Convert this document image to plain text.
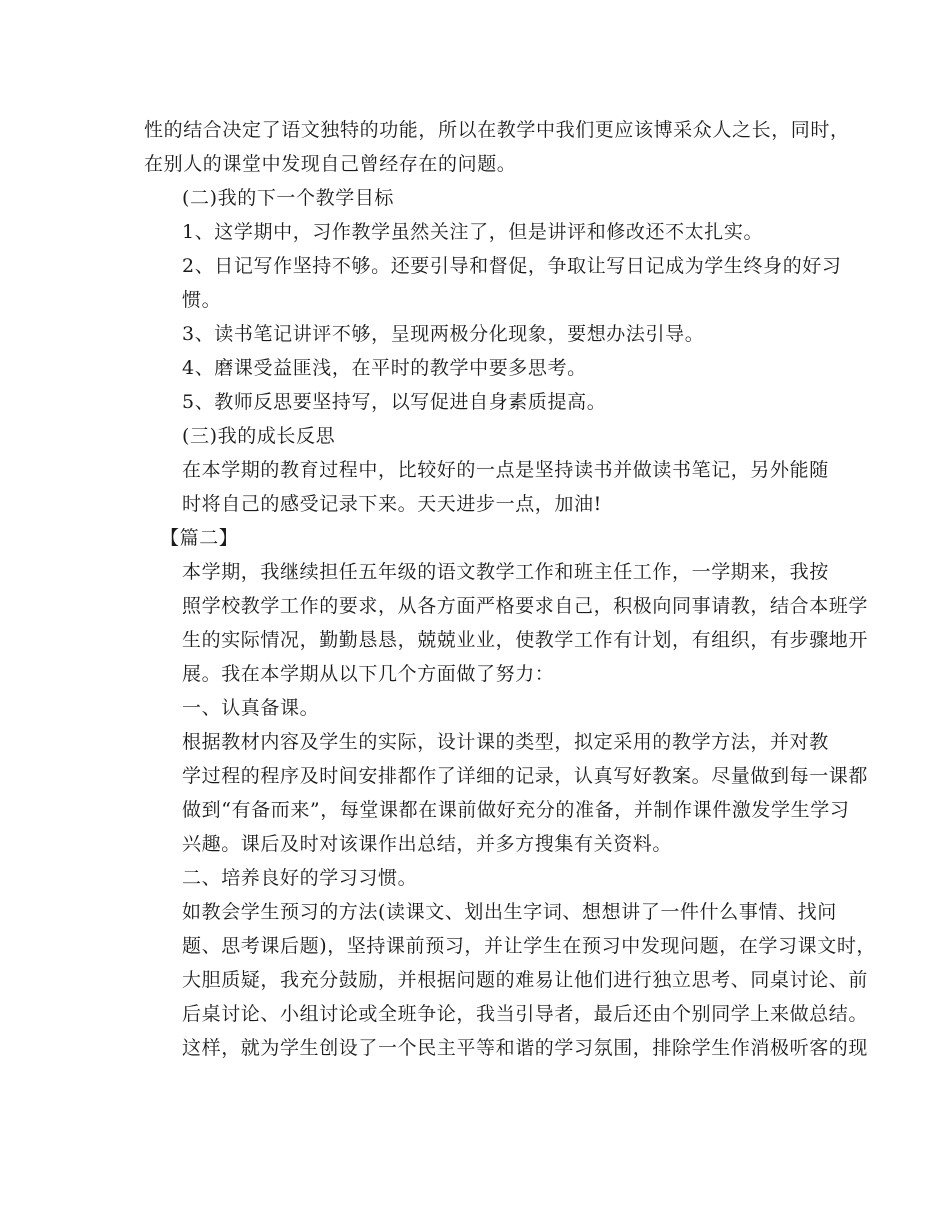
性的结合决定了语文独特的功能，所以在教学中我们更应该博采众人之长，同时，
在别人的课堂中发现自己曾经存在的问题。

(二)我的下一个教学目标

1、这学期中，习作教学虽然关注了，但是讲评和修改还不太扎实。

2、日记写作坚持不够。还要引导和督促，争取让写日记成为学生终身的好习
惯。

3、读书笔记讲评不够，呈现两极分化现象，要想办法引导。

4、磨课受益匪浅，在平时的教学中要多思考。

5、教师反思要坚持写，以写促进自身素质提高。

(三)我的成长反思

在本学期的教育过程中，比较好的一点是坚持读书并做读书笔记，另外能随
时将自己的感受记录下来。天天进步一点，加油!

【篇二】

本学期，我继续担任五年级的语文教学工作和班主任工作，一学期来，我按
照学校教学工作的要求，从各方面严格要求自己，积极向同事请教，结合本班学
生的实际情况，勤勤恳恳，兢兢业业，使教学工作有计划，有组织，有步骤地开
展。我在本学期从以下几个方面做了努力：

一、认真备课。

根据教材内容及学生的实际，设计课的类型，拟定采用的教学方法，并对教
学过程的程序及时间安排都作了详细的记录，认真写好教案。尽量做到每一课都
做到“有备而来”，每堂课都在课前做好充分的准备，并制作课件激发学生学习
兴趣。课后及时对该课作出总结，并多方搜集有关资料。

二、培养良好的学习习惯。

如教会学生预习的方法(读课文、划出生字词、想想讲了一件什么事情、找问
题、思考课后题)，坚持课前预习，并让学生在预习中发现问题，在学习课文时，
大胆质疑，我充分鼓励，并根据问题的难易让他们进行独立思考、同桌讨论、前
后桌讨论、小组讨论或全班争论，我当引导者，最后还由个别同学上来做总结。
这样，就为学生创设了一个民主平等和谐的学习氛围，排除学生作消极听客的现
